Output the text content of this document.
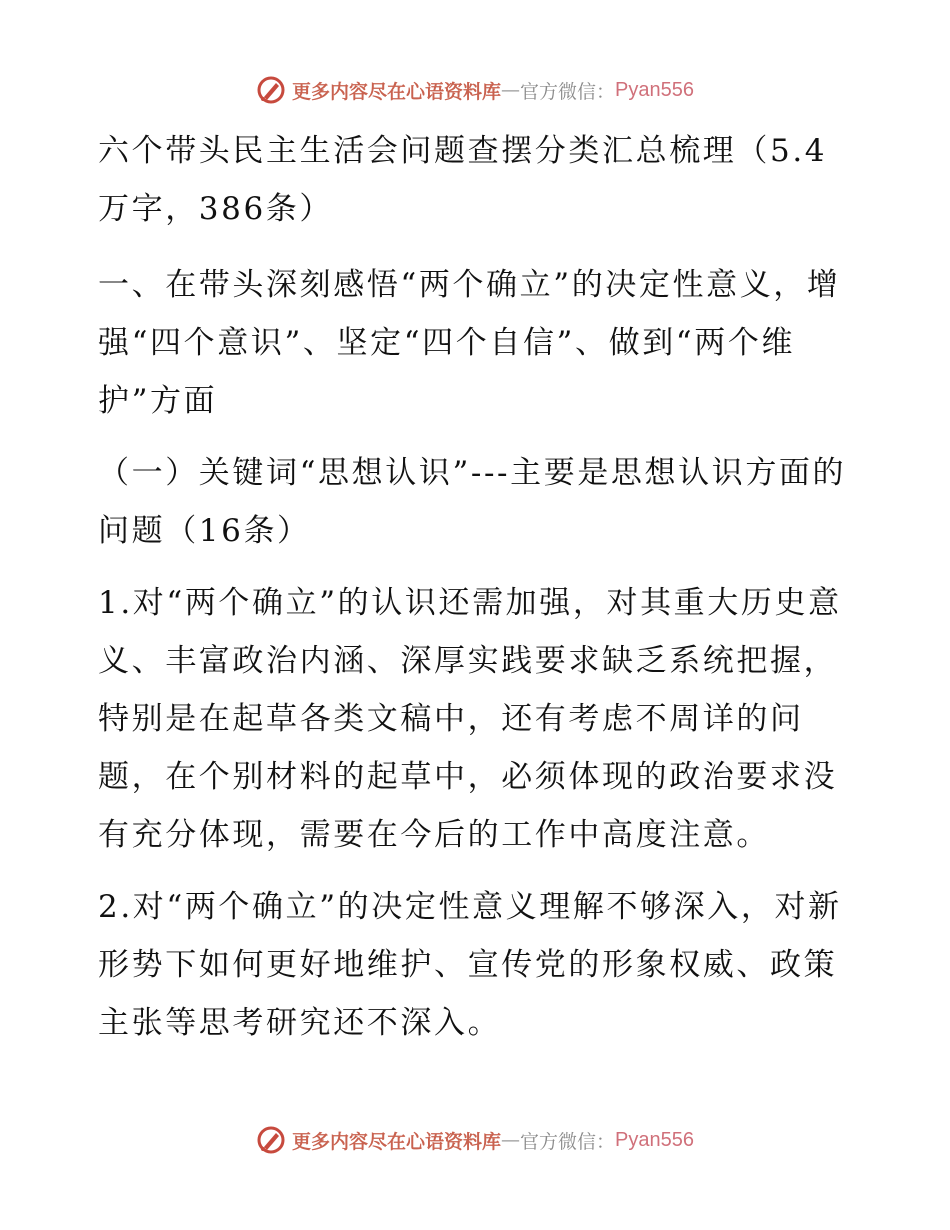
更多内容尽在心语资料库 — 官方微信： Pyan556

六个带头民主生活会问题查摆分类汇总梳理（5.4万字，386条）

一、在带头深刻感悟“两个确立”的决定性意义，增强“四个意识”、坚定“四个自信”、做到“两个维护”方面

（一）关键词“思想认识”---主要是思想认识方面的问题（16条）

1.对“两个确立”的认识还需加强，对其重大历史意义、丰富政治内涵、深厚实践要求缺乏系统把握，特别是在起草各类文稿中，还有考虑不周详的问题，在个别材料的起草中，必须体现的政治要求没有充分体现，需要在今后的工作中高度注意。

2.对“两个确立”的决定性意义理解不够深入，对新形势下如何更好地维护、宣传党的形象权威、政策主张等思考研究还不深入。

更多内容尽在心语资料库 — 官方微信： Pyan556
